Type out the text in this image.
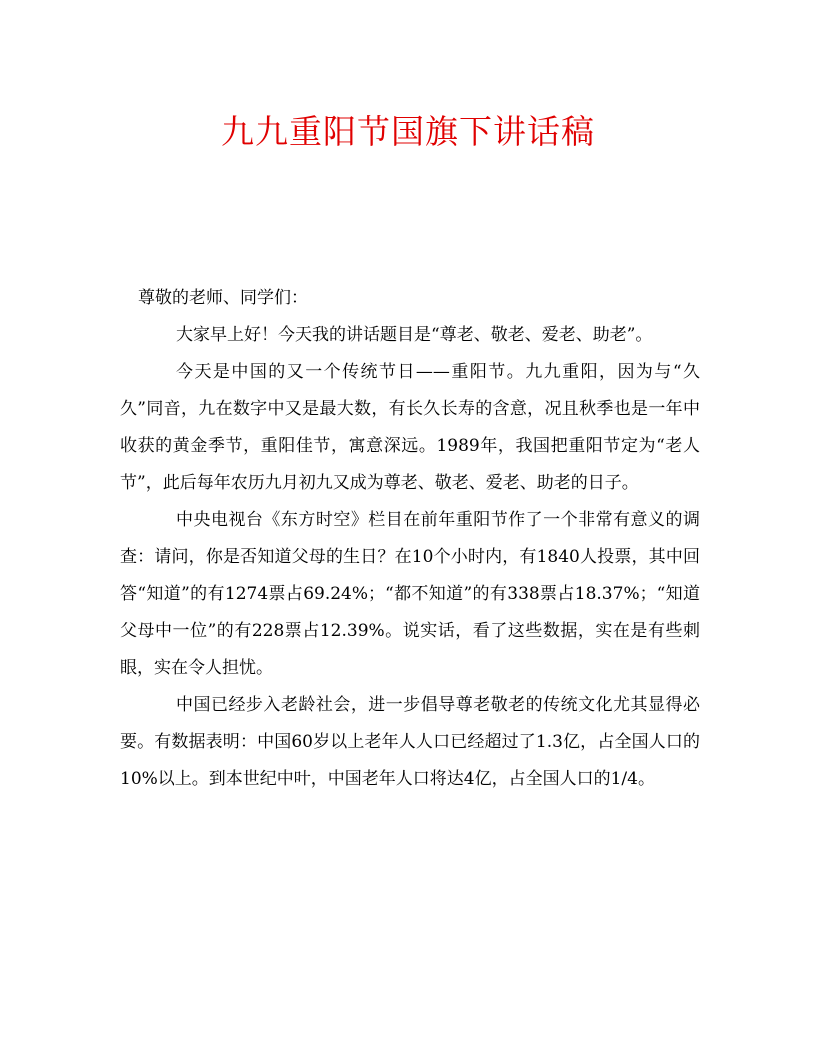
九九重阳节国旗下讲话稿

尊敬的老师、同学们：

大家早上好！今天我的讲话题目是“尊老、敬老、爱老、助老”。

今天是中国的又一个传统节日——重阳节。九九重阳，因为与“久久”同音，九在数字中又是最大数，有长久长寿的含意，况且秋季也是一年中收获的黄金季节，重阳佳节，寓意深远。1989年，我国把重阳节定为“老人节”，此后每年农历九月初九又成为尊老、敬老、爱老、助老的日子。

中央电视台《东方时空》栏目在前年重阳节作了一个非常有意义的调查：请问，你是否知道父母的生日？在10个小时内，有1840人投票，其中回答“知道”的有1274票占69.24%；“都不知道”的有338票占18.37%；“知道父母中一位”的有228票占12.39%。说实话，看了这些数据，实在是有些刺眼，实在令人担忧。

中国已经步入老龄社会，进一步倡导尊老敬老的传统文化尤其显得必要。有数据表明：中国60岁以上老年人人口已经超过了1.3亿，占全国人口的10%以上。到本世纪中叶，中国老年人口将达4亿，占全国人口的1/4。
